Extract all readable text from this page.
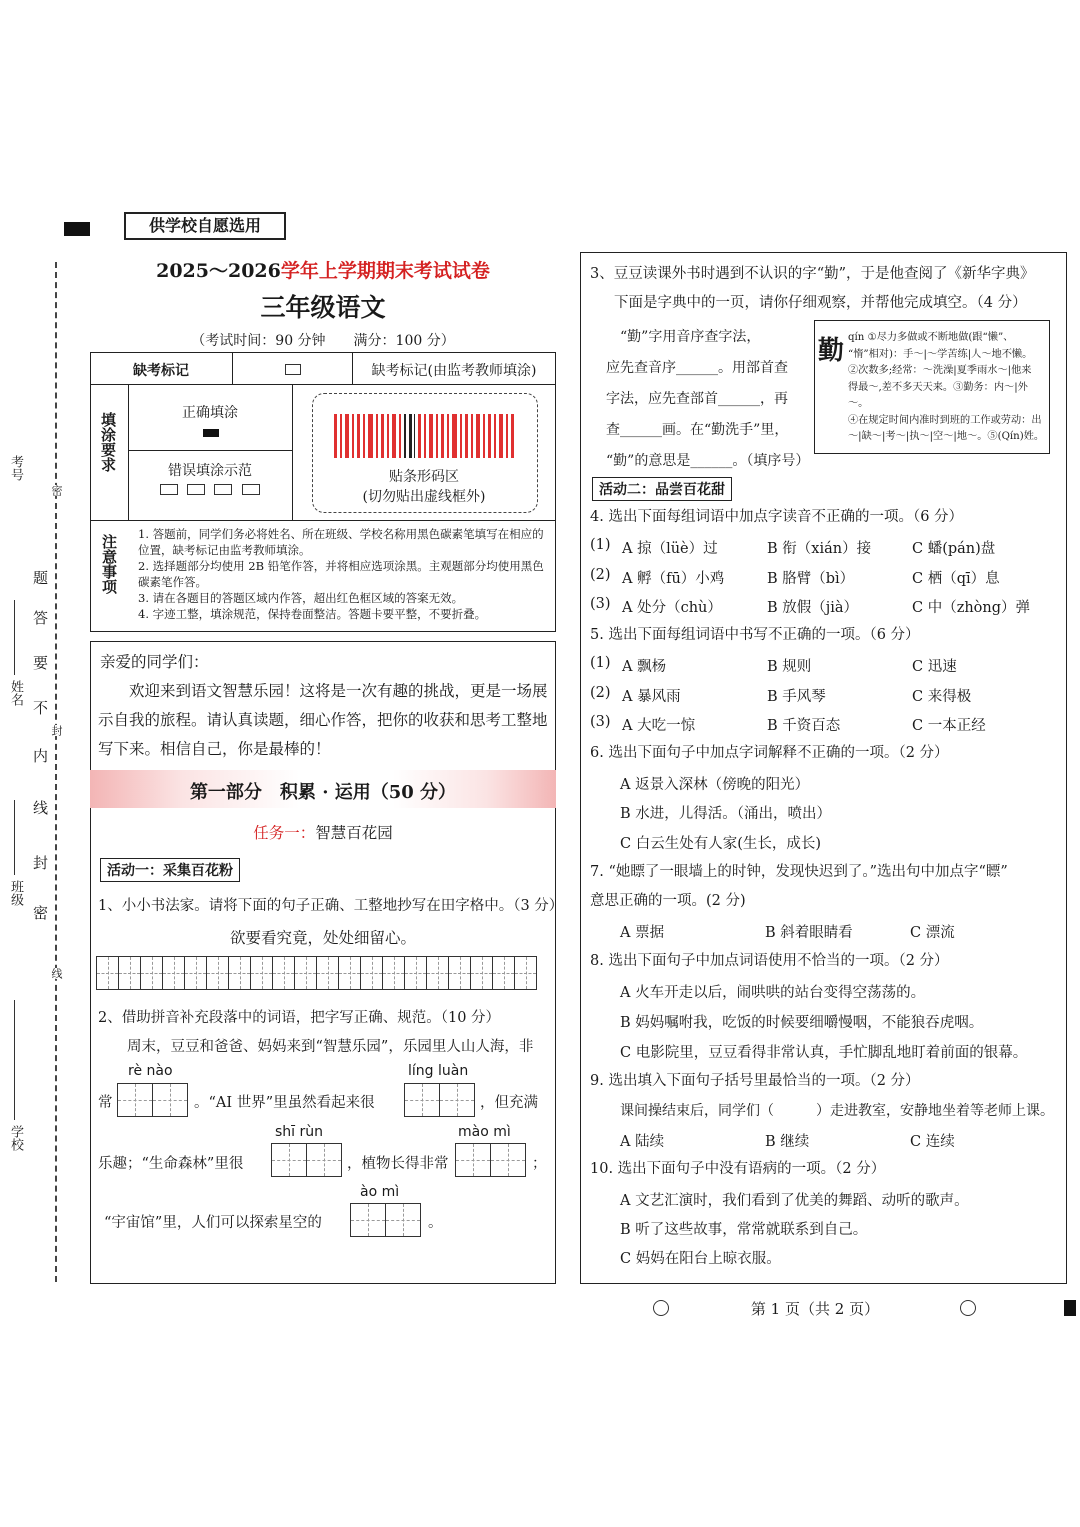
供学校自愿选用
考号
密
题
答
要
不
内
线
封
密
线
封
姓名
班级
学校
2025～2026学年上学期期末考试试卷
三年级语文
（考试时间：90 分钟　　满分：100 分）
缺考标记	缺考标记(由监考教师填涂)
填涂要求	正确填涂
错误填涂示范
	贴条形码区
(切勿贴出虚线框外)
注意事项 1. 答题前，同学们务必将姓名、所在班级、学校名称用黑色碳素笔填写在相应的位置，缺考标记由监考教师填涂。
2. 选择题部分均使用 2B 铅笔作答，并将相应选项涂黑。主观题部分均使用黑色碳素笔作答。
3. 请在各题目的答题区域内作答，超出红色框区域的答案无效。
4. 字迹工整，填涂规范，保持卷面整洁。答题卡要平整，不要折叠。
亲爱的同学们：
欢迎来到语文智慧乐园！这将是一次有趣的挑战，更是一场展示自我的旅程。请认真读题，细心作答，把你的收获和思考工整地写下来。相信自己，你是最棒的！
第一部分　积累 · 运用（50 分）
任务一：智慧百花园
活动一：采集百花粉
1、小小书法家。请将下面的句子正确、工整地抄写在田字格中。（3 分）
欲要看究竟，处处细留心。
2、借助拼音补充段落中的词语，把字写正确、规范。（10 分）
周末，豆豆和爸爸、妈妈来到“智慧乐园”，乐园里人山人海，非
rè nào
常	。“AI 世界”里虽然看起来很
líng luàn
，但充满
shī rùn
乐趣；“生命森林”里很	，植物长得非常
mào mì
；
ào mì
“宇宙馆”里，人们可以探索星空的	。
3、豆豆读课外书时遇到不认识的字“勤”，于是他查阅了《新华字典》
下面是字典中的一页，请你仔细观察，并帮他完成填空。（4 分）
“勤”字用音序查字法，
应先查音序______。用部首查
字法，应先查部首______，再
查______画。在“勤洗手”里，
“勤”的意思是______。（填序号）
勤 qín ①尽力多做或不断地做(跟“懒”、
“惰”相对)：手～|～学苦练|人～地不懒。
②次数多;经常：～洗澡|夏季雨水～|他来
得最～,差不多天天来。③勤务：内～|外～。
④在规定时间内准时到班的工作或劳动：出
～|缺～|考～|执～|空～|地～。⑤(Qín)姓。
活动二：品尝百花甜
4. 选出下面每组词语中加点字读音不正确的一项。（6 分）
(1) A 掠（lüè）过	B 衔（xián）接	C 蟠(pán)盘
(2) A 孵（fū）小鸡	B 胳臂（bì）	C 栖（qī）息
(3) A 处分（chù）	B 放假（jià）	C 中（zhòng）弹
5. 选出下面每组词语中书写不正确的一项。（6 分）
(1) A 飘杨	B 规则	C 迅速
(2) A 暴风雨	B 手风琴	C 来得极
(3) A 大吃一惊	B 千资百态	C 一本正经
6. 选出下面句子中加点字词解释不正确的一项。（2 分）
A 返景入深林（傍晚的阳光）
B 水进，儿得活。（涌出，喷出）
C 白云生处有人家(生长，成长)
7. “她瞟了一眼墙上的时钟，发现快迟到了。”选出句中加点字“瞟”
意思正确的一项。(2 分)
A 票据	B 斜着眼睛看	C 漂流
8. 选出下面句子中加点词语使用不恰当的一项。（2 分）
A 火车开走以后，闹哄哄的站台变得空荡荡的。
B 妈妈嘱咐我，吃饭的时候要细嚼慢咽，不能狼吞虎咽。
C 电影院里，豆豆看得非常认真，手忙脚乱地盯着前面的银幕。
9. 选出填入下面句子括号里最恰当的一项。（2 分）
课间操结束后，同学们（　　　）走进教室，安静地坐着等老师上课。
A 陆续	B 继续	C 连续
10. 选出下面句子中没有语病的一项。（2 分）
A 文艺汇演时，我们看到了优美的舞蹈、动听的歌声。
B 听了这些故事，常常就联系到自己。
C 妈妈在阳台上晾衣服。
第 1 页（共 2 页）
